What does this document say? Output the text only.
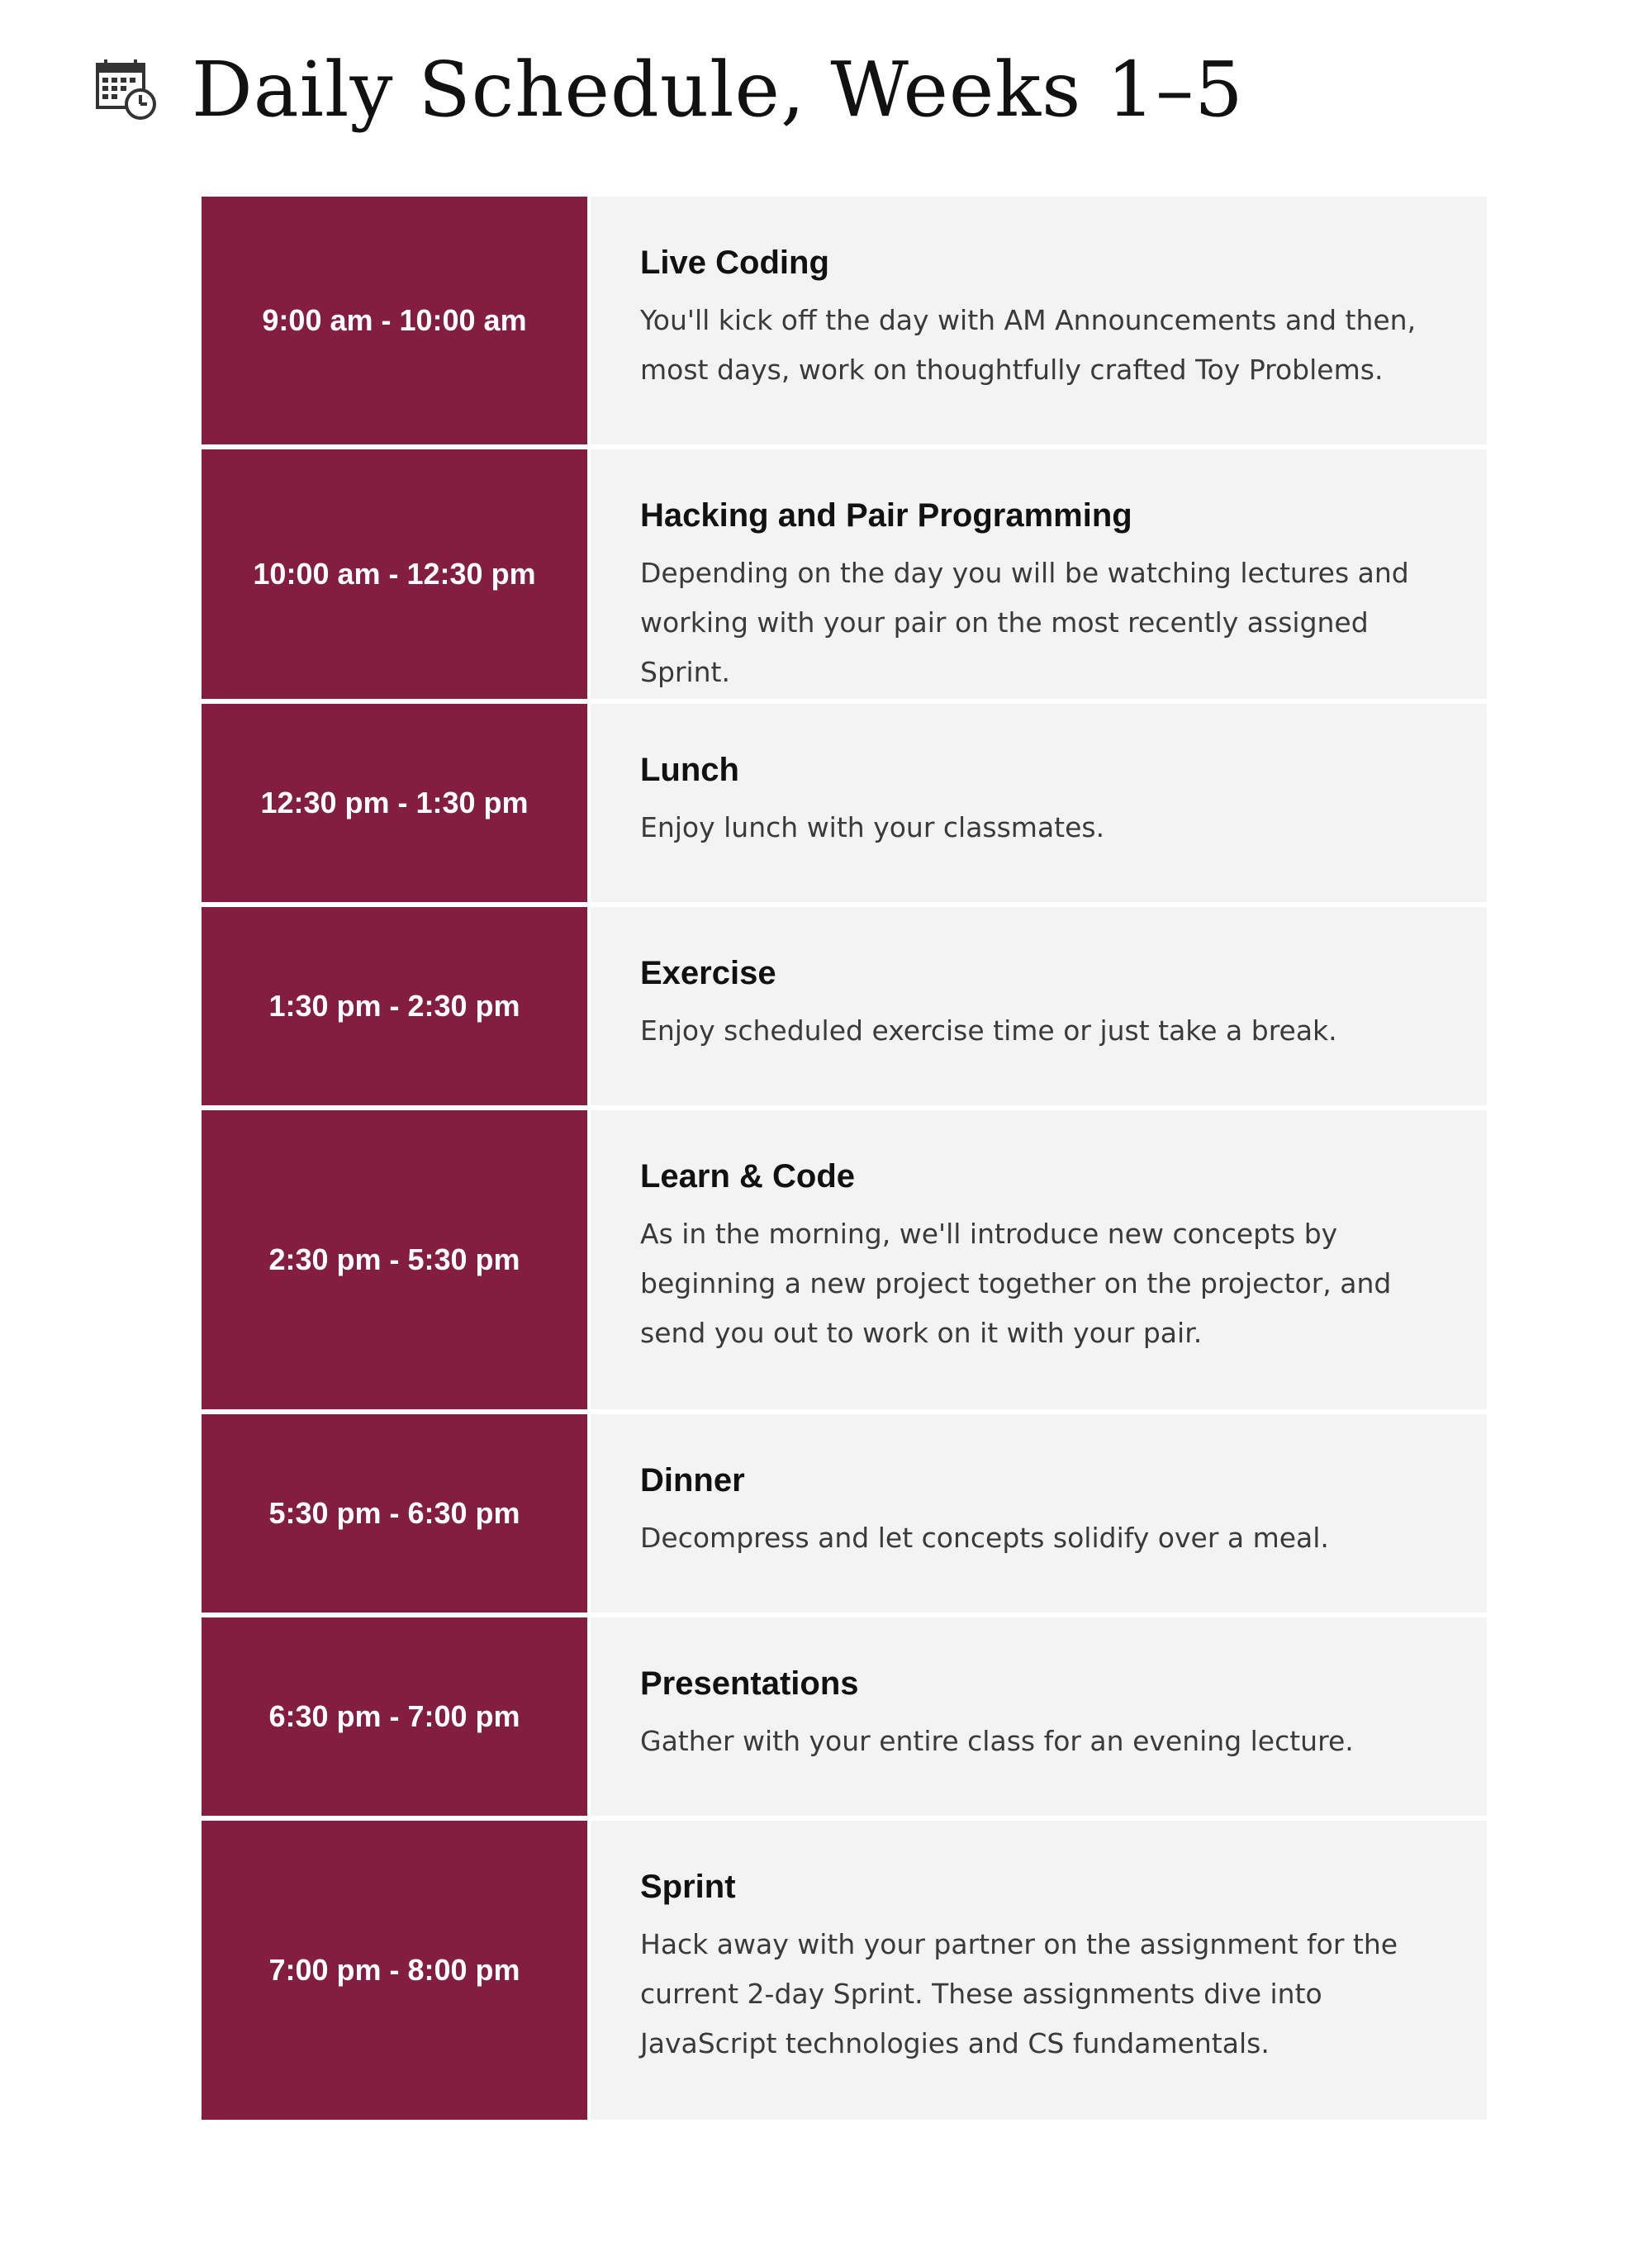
Daily Schedule, Weeks 1–5
9:00 am - 10:00 am
Live Coding
You'll kick off the day with AM Announcements and then, most days, work on thoughtfully crafted Toy Problems.
10:00 am - 12:30 pm
Hacking and Pair Programming
Depending on the day you will be watching lectures and working with your pair on the most recently assigned Sprint.
12:30 pm - 1:30 pm
Lunch
Enjoy lunch with your classmates.
1:30 pm - 2:30 pm
Exercise
Enjoy scheduled exercise time or just take a break.
2:30 pm - 5:30 pm
Learn & Code
As in the morning, we'll introduce new concepts by beginning a new project together on the projector, and send you out to work on it with your pair.
5:30 pm - 6:30 pm
Dinner
Decompress and let concepts solidify over a meal.
6:30 pm - 7:00 pm
Presentations
Gather with your entire class for an evening lecture.
7:00 pm - 8:00 pm
Sprint
Hack away with your partner on the assignment for the current 2-day Sprint. These assignments dive into JavaScript technologies and CS fundamentals.
